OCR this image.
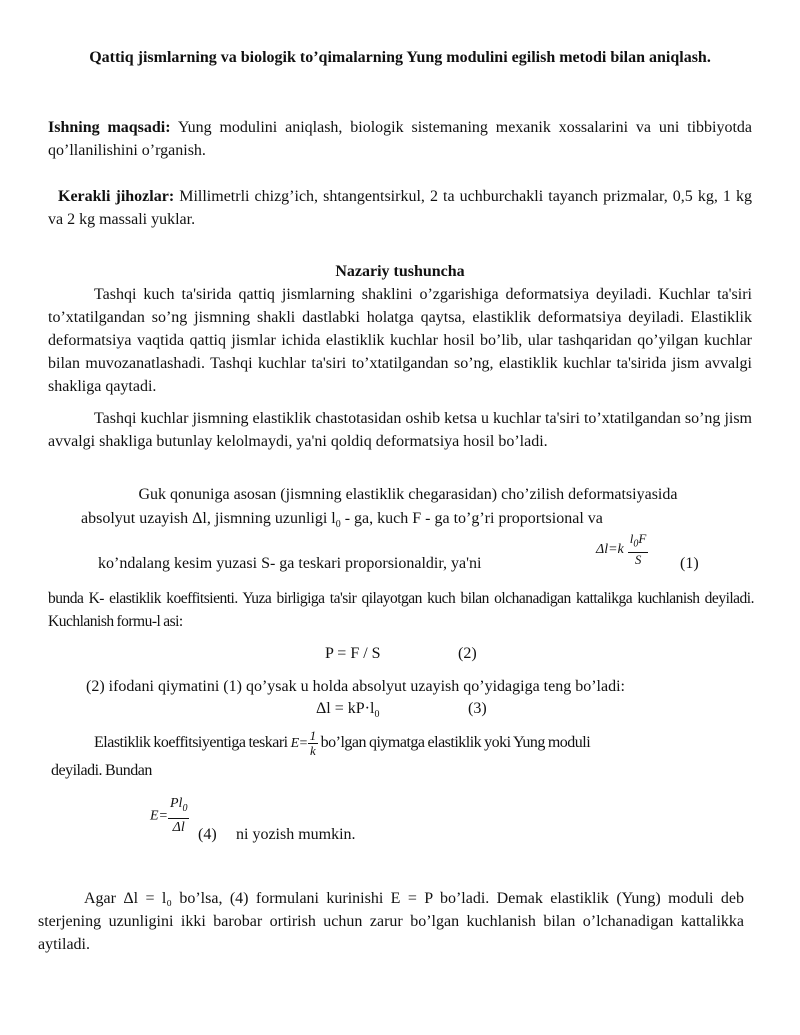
Qattiq jismlarning va biologik to’qimalarning Yung modulini egilish metodi bilan aniqlash.
Ishning maqsadi: Yung modulini aniqlash, biologik sistemaning mexanik xossalarini va uni tibbiyotda qo’llanilishini o’rganish.
Kerakli jihozlar: Millimetrli chizg’ich, shtangentsirkul, 2 ta uchburchakli tayanch prizmalar, 0,5 kg, 1 kg va 2 kg massali yuklar.
Nazariy tushuncha
Tashqi kuch ta'sirida qattiq jismlarning shaklini o’zgarishiga deformatsiya deyiladi. Kuchlar ta'siri to’xtatilgandan so’ng jismning shakli dastlabki holatga qaytsa, elastiklik deformatsiya deyiladi. Elastiklik deformatsiya vaqtida qattiq jismlar ichida elastiklik kuchlar hosil bo’lib, ular tashqaridan qo’yilgan kuchlar bilan muvozanatlashadi. Tashqi kuchlar ta'siri to’xtatilgandan so’ng, elastiklik kuchlar ta'sirida jism avvalgi shakliga qaytadi.
Tashqi kuchlar jismning elastiklik chastotasidan oshib ketsa u kuchlar ta'siri to’xtatilgandan so’ng jism avvalgi shakliga butunlay kelolmaydi, ya'ni qoldiq deformatsiya hosil bo’ladi.
Guk qonuniga asosan (jismning elastiklik chegarasidan) cho’zilish deformatsiyasida
absolyut uzayish Δl, jismning uzunligi $l_0$ - ga, kuch F - ga to’g’ri proportsional va
ko’ndalang kesim yuzasi S- ga teskari proporsionaldir, ya'ni
$\Delta l=k \frac{l_0F}{S} (1)$
bunda K- elastiklik koeffitsienti. Yuza birligiga ta'sir qilayotgan kuch bilan olchanadigan kattalikga kuchlanish deyiladi. Kuchlanish formu-l asi:
P = F / S	(2)
(2) ifodani qiymatini (1) qo’ysak u holda absolyut uzayish qo’yidagiga teng bo’ladi:
$\Delta l = kP\cdot l_0$	(3)
Elastiklik koeffitsiyentiga teskari $E= \frac{1}{k}$ bo’lgan qiymatga elastiklik yoki Yung moduli
deyiladi. Bundan
$E= \frac{Pl_0}{\Delta l} (4)$ ni yozish mumkin.
Agar Δl = l₀ bo’lsa, (4) formulani kurinishi E = P bo’ladi. Demak elastiklik (Yung) moduli deb sterjening uzunligini ikki barobar ortirish uchun zarur bo’lgan kuchlanish bilan o’lchanadigan kattalikka aytiladi.
